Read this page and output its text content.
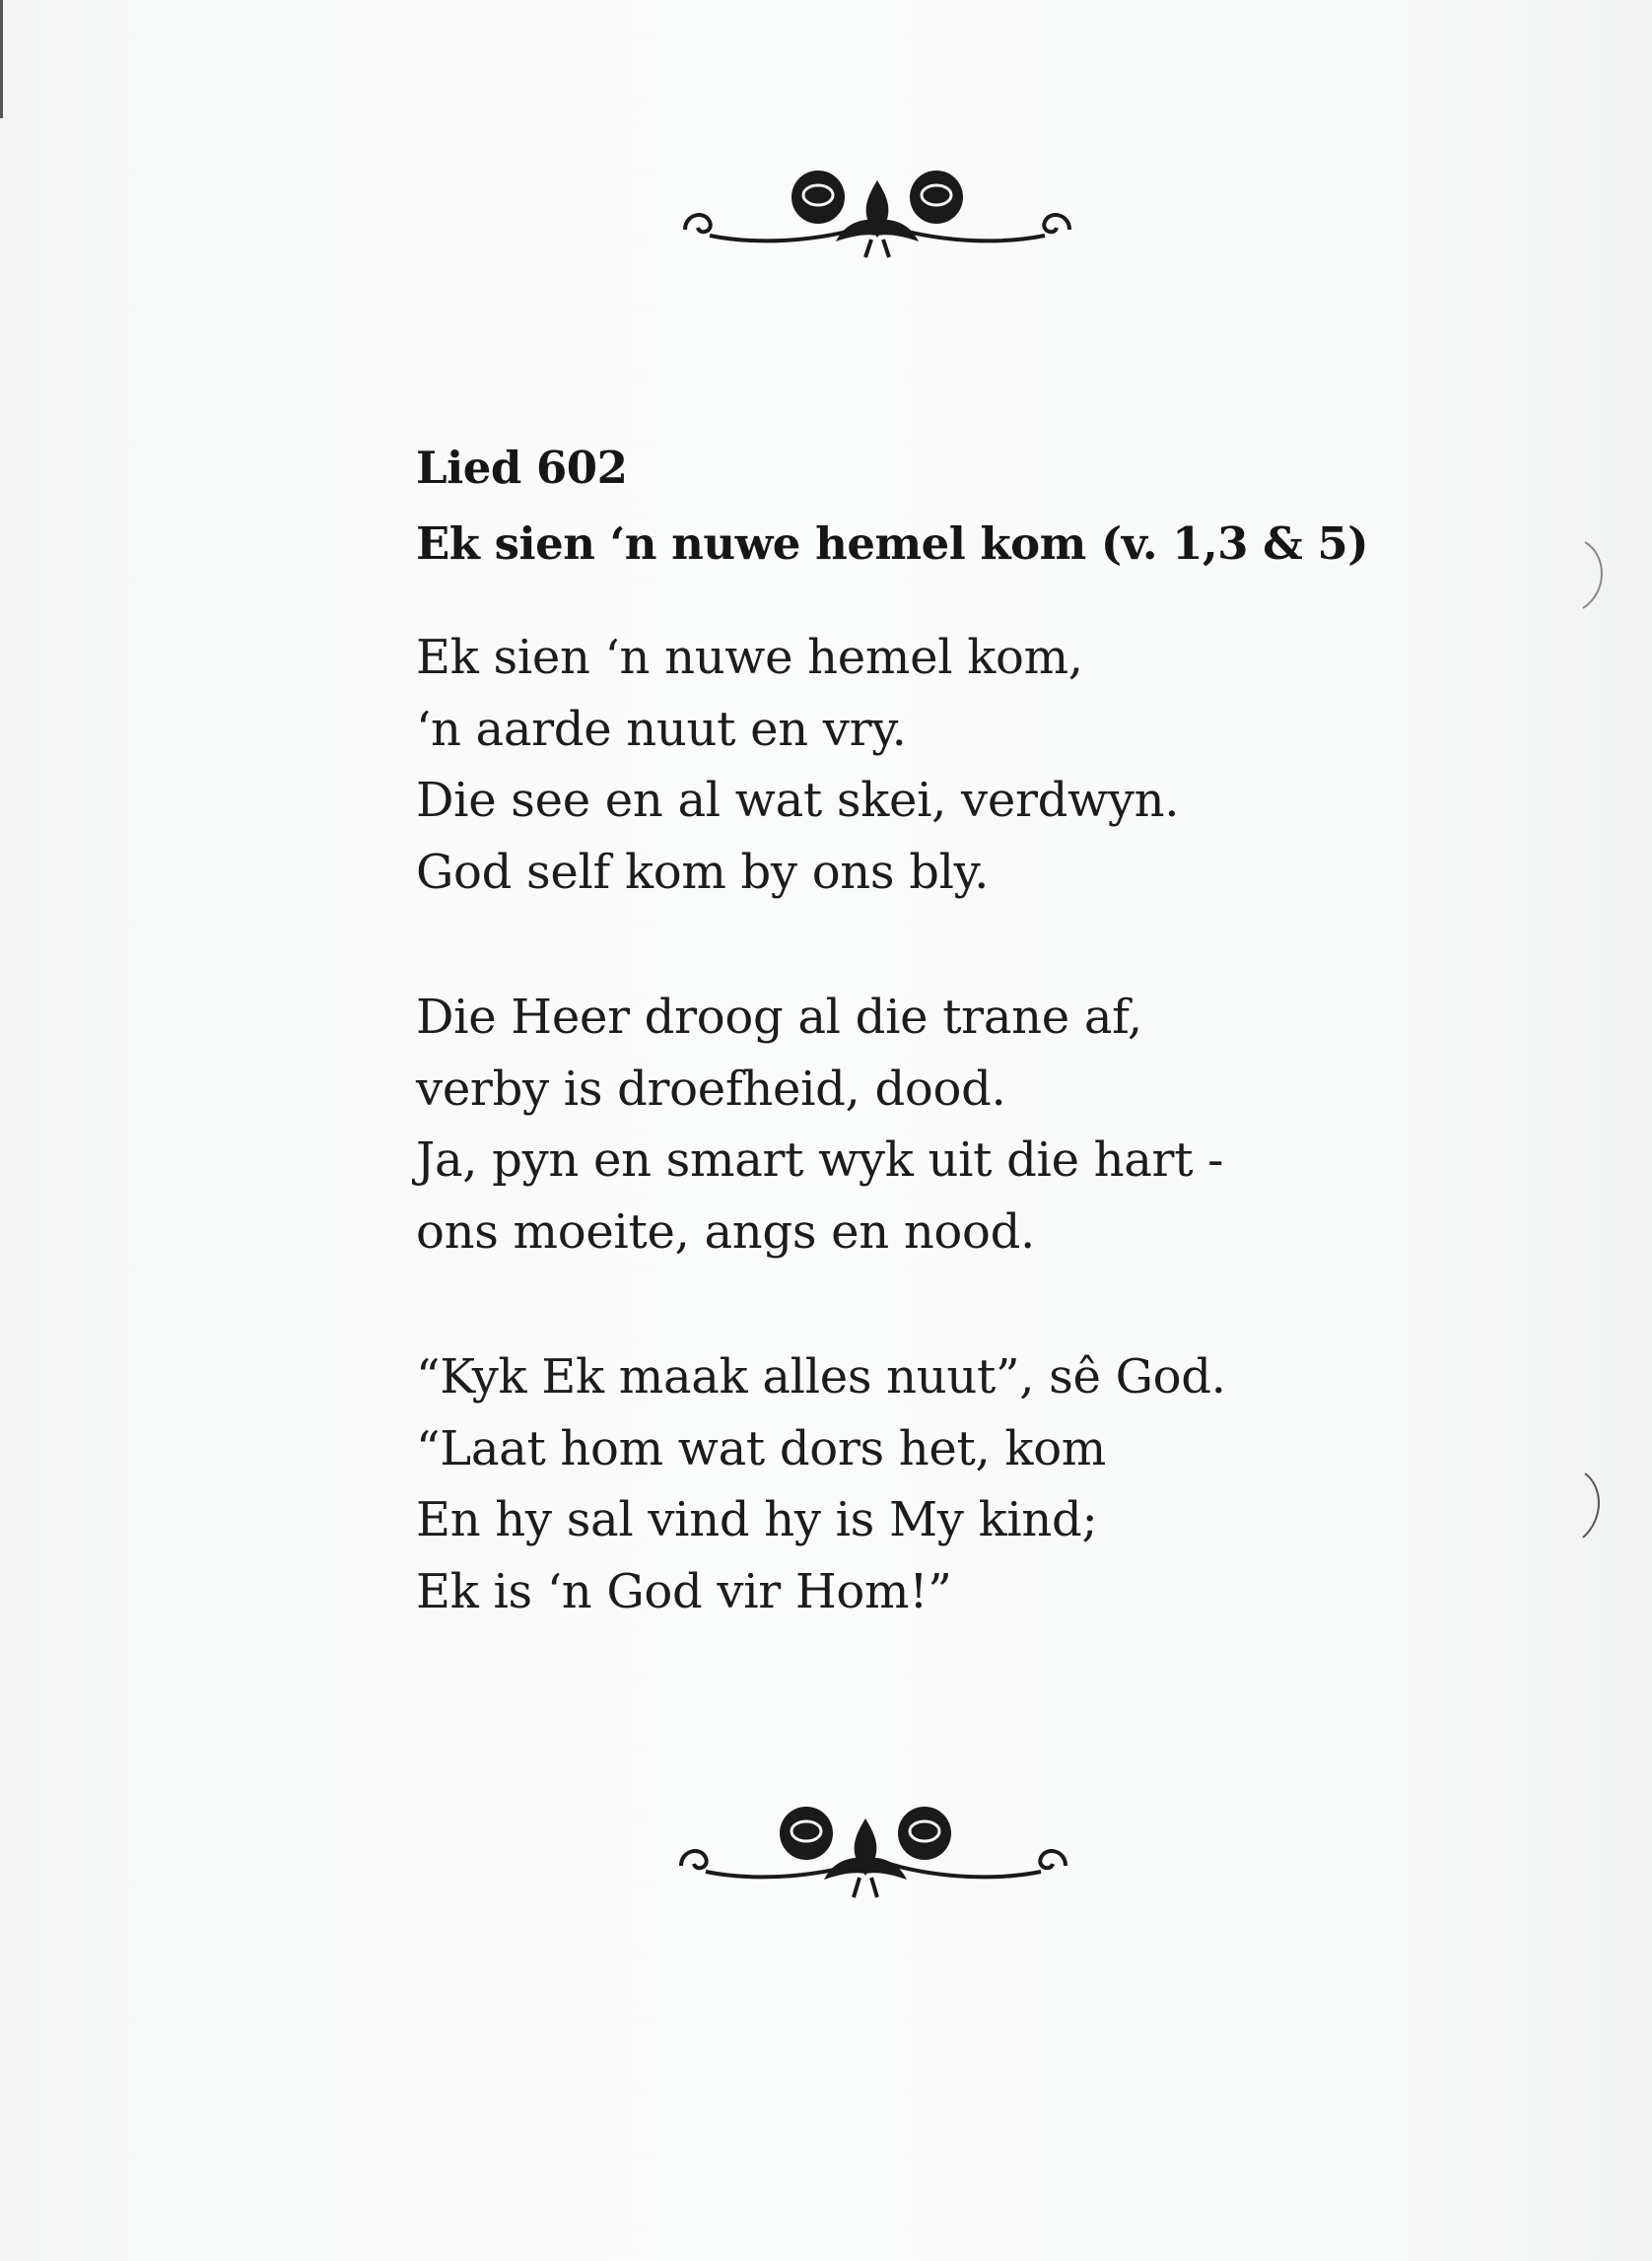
Lied 602
Ek sien ‘n nuwe hemel kom (v. 1,3 & 5)
Ek sien ‘n nuwe hemel kom,
‘n aarde nuut en vry.
Die see en al wat skei, verdwyn.
God self kom by ons bly.
Die Heer droog al die trane af,
verby is droefheid, dood.
Ja, pyn en smart wyk uit die hart -
ons moeite, angs en nood.
“Kyk Ek maak alles nuut”, sê God.
“Laat hom wat dors het, kom
En hy sal vind hy is My kind;
Ek is ‘n God vir Hom!”
